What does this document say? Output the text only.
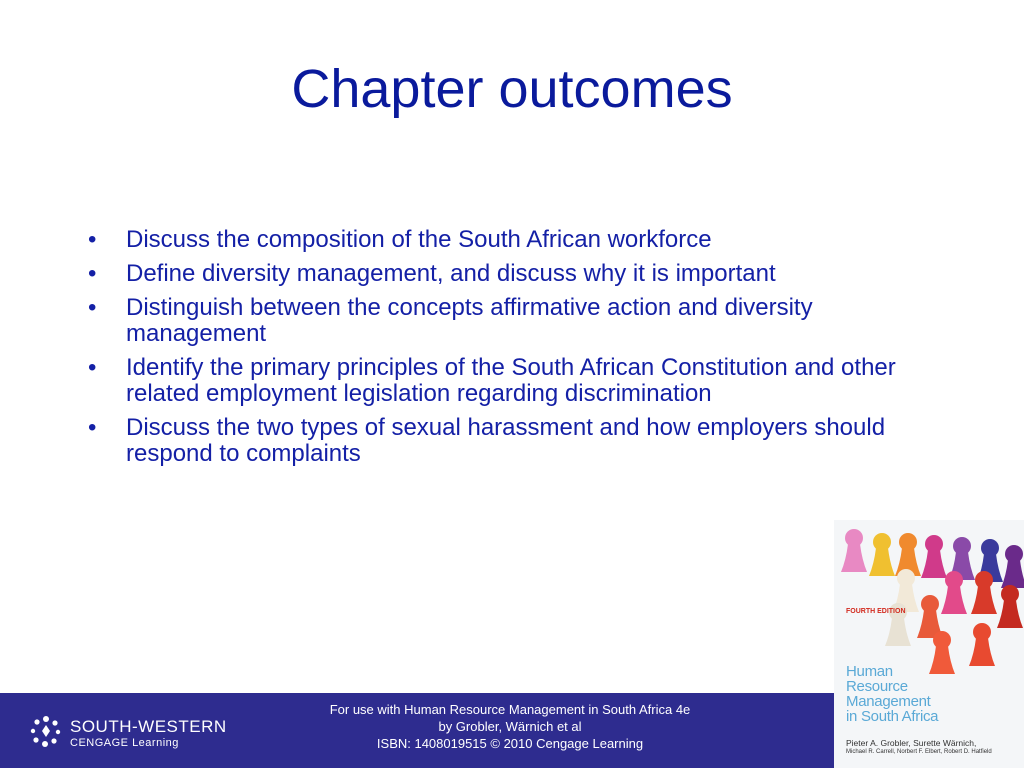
Chapter outcomes
• Discuss the composition of the South African workforce
• Define diversity management, and discuss why it is important
• Distinguish between the concepts affirmative action and diversity management
• Identify the primary principles of the South African Constitution and other related employment legislation regarding discrimination
• Discuss the two types of sexual harassment and how employers should respond to complaints
SOUTH-WESTERN
CENGAGE Learning
For use with Human Resource Management in South Africa 4e
by Grobler, Wärnich et al
ISBN: 1408019515 © 2010 Cengage Learning
FOURTH EDITION
Human
Resource
Management
in South Africa
Pieter A. Grobler, Surette Wärnich,
Michael R. Carrell, Norbert F. Elbert, Robert D. Hatfield
